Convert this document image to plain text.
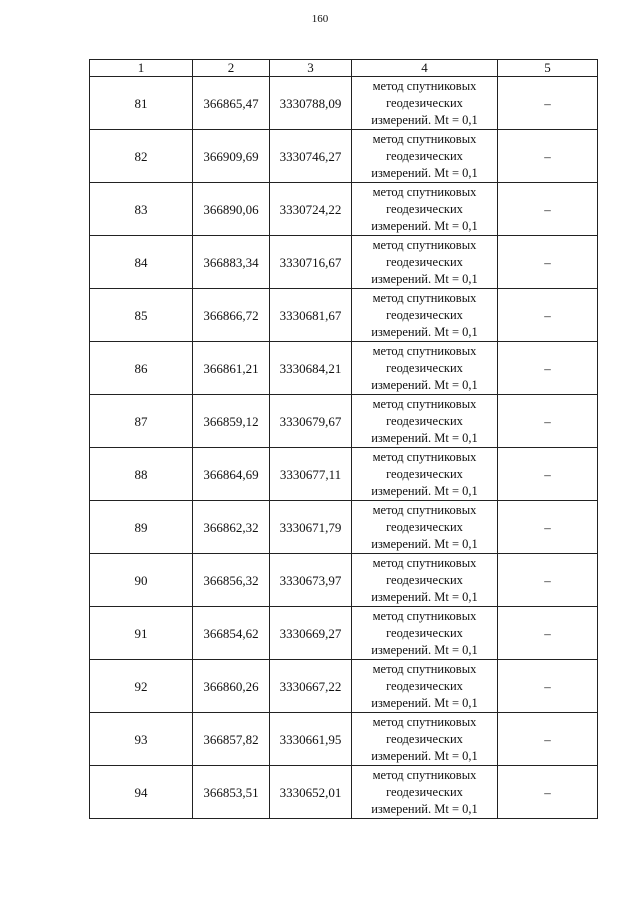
160
1	2	3	4	5
81	366865,47	3330788,09	метод спутниковых
геодезических
измерений. Mt = 0,1	–
82	366909,69	3330746,27	метод спутниковых
геодезических
измерений. Mt = 0,1	–
83	366890,06	3330724,22	метод спутниковых
геодезических
измерений. Mt = 0,1	–
84	366883,34	3330716,67	метод спутниковых
геодезических
измерений. Mt = 0,1	–
85	366866,72	3330681,67	метод спутниковых
геодезических
измерений. Mt = 0,1	–
86	366861,21	3330684,21	метод спутниковых
геодезических
измерений. Mt = 0,1	–
87	366859,12	3330679,67	метод спутниковых
геодезических
измерений. Mt = 0,1	–
88	366864,69	3330677,11	метод спутниковых
геодезических
измерений. Mt = 0,1	–
89	366862,32	3330671,79	метод спутниковых
геодезических
измерений. Mt = 0,1	–
90	366856,32	3330673,97	метод спутниковых
геодезических
измерений. Mt = 0,1	–
91	366854,62	3330669,27	метод спутниковых
геодезических
измерений. Mt = 0,1	–
92	366860,26	3330667,22	метод спутниковых
геодезических
измерений. Mt = 0,1	–
93	366857,82	3330661,95	метод спутниковых
геодезических
измерений. Mt = 0,1	–
94	366853,51	3330652,01	метод спутниковых
геодезических
измерений. Mt = 0,1	–
